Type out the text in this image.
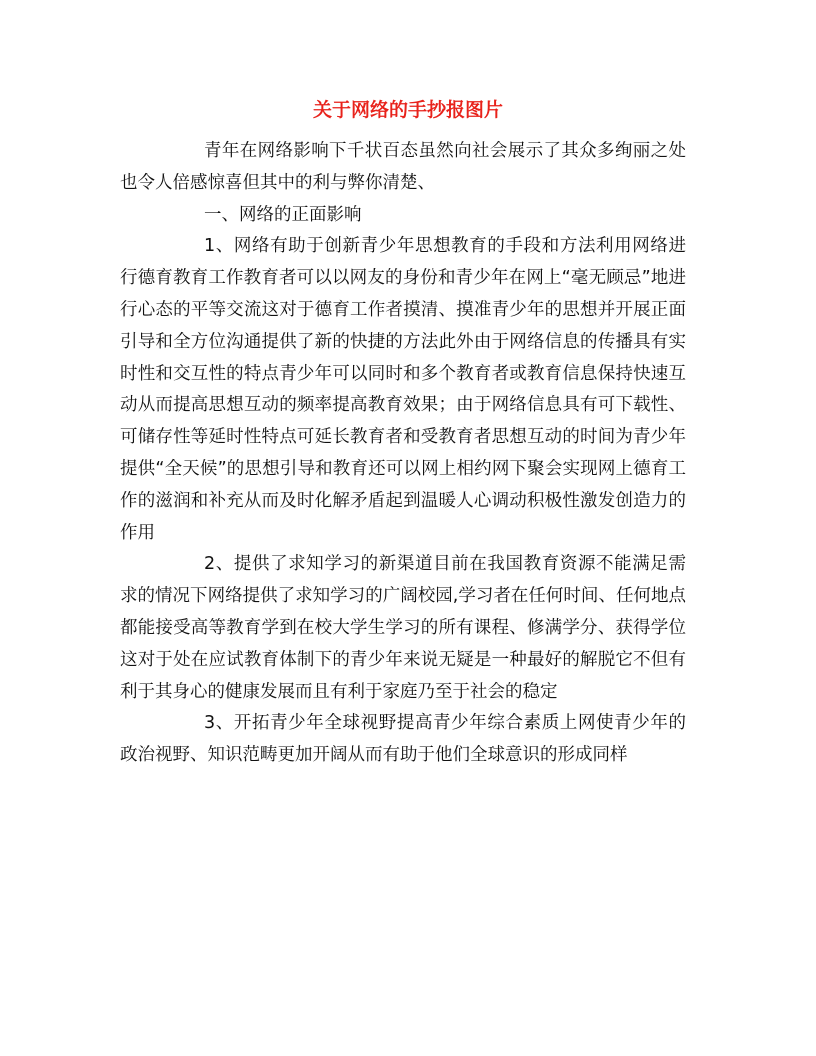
关于网络的手抄报图片

青年在网络影响下千状百态虽然向社会展示了其众多绚丽之处也令人倍感惊喜但其中的利与弊你清楚、

一、网络的正面影响

1、网络有助于创新青少年思想教育的手段和方法利用网络进行德育教育工作教育者可以以网友的身份和青少年在网上“毫无顾忌”地进行心态的平等交流这对于德育工作者摸清、摸准青少年的思想并开展正面引导和全方位沟通提供了新的快捷的方法此外由于网络信息的传播具有实时性和交互性的特点青少年可以同时和多个教育者或教育信息保持快速互动从而提高思想互动的频率提高教育效果；由于网络信息具有可下载性、可储存性等延时性特点可延长教育者和受教育者思想互动的时间为青少年提供“全天候”的思想引导和教育还可以网上相约网下聚会实现网上德育工作的滋润和补充从而及时化解矛盾起到温暖人心调动积极性激发创造力的作用

2、提供了求知学习的新渠道目前在我国教育资源不能满足需求的情况下网络提供了求知学习的广阔校园,学习者在任何时间、任何地点都能接受高等教育学到在校大学生学习的所有课程、修满学分、获得学位这对于处在应试教育体制下的青少年来说无疑是一种最好的解脱它不但有利于其身心的健康发展而且有利于家庭乃至于社会的稳定

3、开拓青少年全球视野提高青少年综合素质上网使青少年的政治视野、知识范畴更加开阔从而有助于他们全球意识的形成同样
